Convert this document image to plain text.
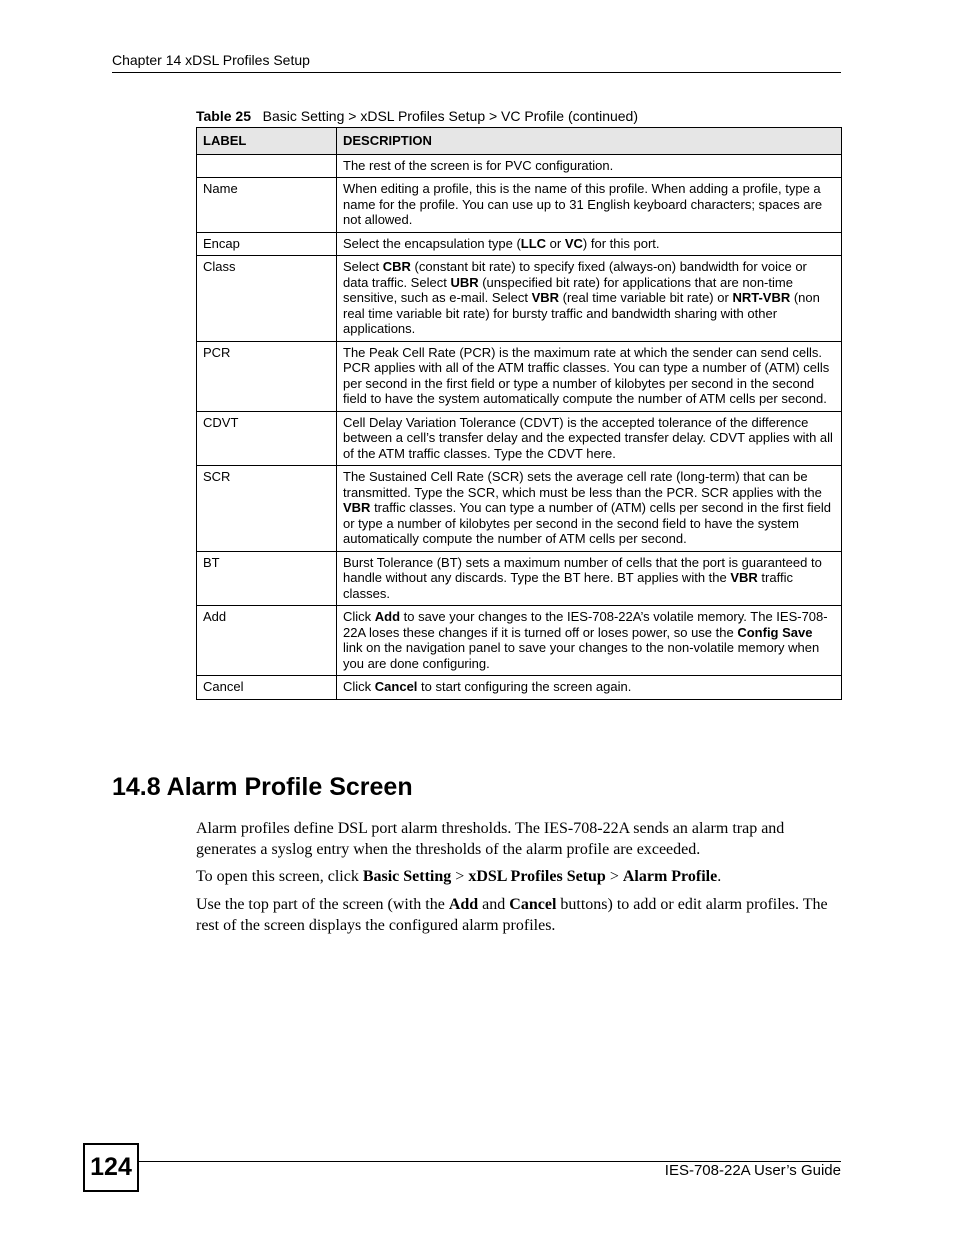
Chapter 14 xDSL Profiles Setup
Table 25 Basic Setting > xDSL Profiles Setup > VC Profile (continued)
LABEL	DESCRIPTION
	The rest of the screen is for PVC configuration.
Name	When editing a profile, this is the name of this profile. When adding a profile, type a name for the profile. You can use up to 31 English keyboard characters; spaces are not allowed.
Encap	Select the encapsulation type (LLC or VC) for this port.
Class	Select CBR (constant bit rate) to specify fixed (always-on) bandwidth for voice or data traffic. Select UBR (unspecified bit rate) for applications that are non-time sensitive, such as e-mail. Select VBR (real time variable bit rate) or NRT-VBR (non real time variable bit rate) for bursty traffic and bandwidth sharing with other applications.
PCR	The Peak Cell Rate (PCR) is the maximum rate at which the sender can send cells. PCR applies with all of the ATM traffic classes. You can type a number of (ATM) cells per second in the first field or type a number of kilobytes per second in the second field to have the system automatically compute the number of ATM cells per second.
CDVT	Cell Delay Variation Tolerance (CDVT) is the accepted tolerance of the difference between a cell’s transfer delay and the expected transfer delay. CDVT applies with all of the ATM traffic classes. Type the CDVT here.
SCR	The Sustained Cell Rate (SCR) sets the average cell rate (long-term) that can be transmitted. Type the SCR, which must be less than the PCR. SCR applies with the VBR traffic classes. You can type a number of (ATM) cells per second in the first field or type a number of kilobytes per second in the second field to have the system automatically compute the number of ATM cells per second.
BT	Burst Tolerance (BT) sets a maximum number of cells that the port is guaranteed to handle without any discards. Type the BT here. BT applies with the VBR traffic classes.
Add	Click Add to save your changes to the IES-708-22A’s volatile memory. The IES-708-22A loses these changes if it is turned off or loses power, so use the Config Save link on the navigation panel to save your changes to the non-volatile memory when you are done configuring.
Cancel	Click Cancel to start configuring the screen again.
14.8 Alarm Profile Screen

Alarm profiles define DSL port alarm thresholds. The IES-708-22A sends an alarm trap and generates a syslog entry when the thresholds of the alarm profile are exceeded.

To open this screen, click Basic Setting > xDSL Profiles Setup > Alarm Profile.

Use the top part of the screen (with the Add and Cancel buttons) to add or edit alarm profiles. The rest of the screen displays the configured alarm profiles.

124	IES-708-22A User’s Guide
